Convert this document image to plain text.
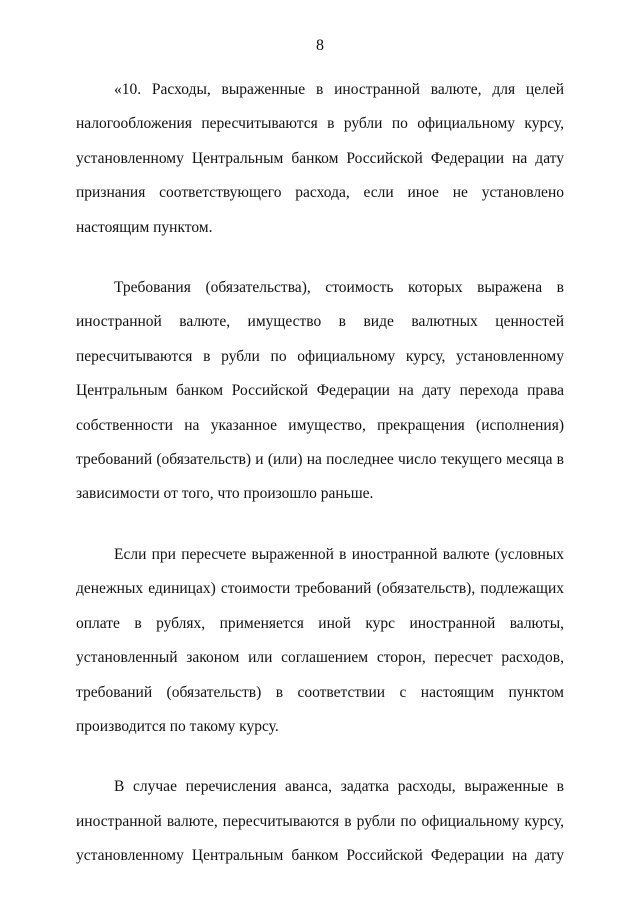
8

«10. Расходы, выраженные в иностранной валюте, для целей налогообложения пересчитываются в рубли по официальному курсу, установленному Центральным банком Российской Федерации на дату признания соответствующего расхода, если иное не установлено настоящим пунктом.

Требования (обязательства), стоимость которых выражена в иностранной валюте, имущество в виде валютных ценностей пересчитываются в рубли по официальному курсу, установленному Центральным банком Российской Федерации на дату перехода права собственности на указанное имущество, прекращения (исполнения) требований (обязательств) и (или) на последнее число текущего месяца в зависимости от того, что произошло раньше.

Если при пересчете выраженной в иностранной валюте (условных денежных единицах) стоимости требований (обязательств), подлежащих оплате в рублях, применяется иной курс иностранной валюты, установленный законом или соглашением сторон, пересчет расходов, требований (обязательств) в соответствии с настоящим пунктом производится по такому курсу.

В случае перечисления аванса, задатка расходы, выраженные в иностранной валюте, пересчитываются в рубли по официальному курсу, установленному Центральным банком Российской Федерации на дату
